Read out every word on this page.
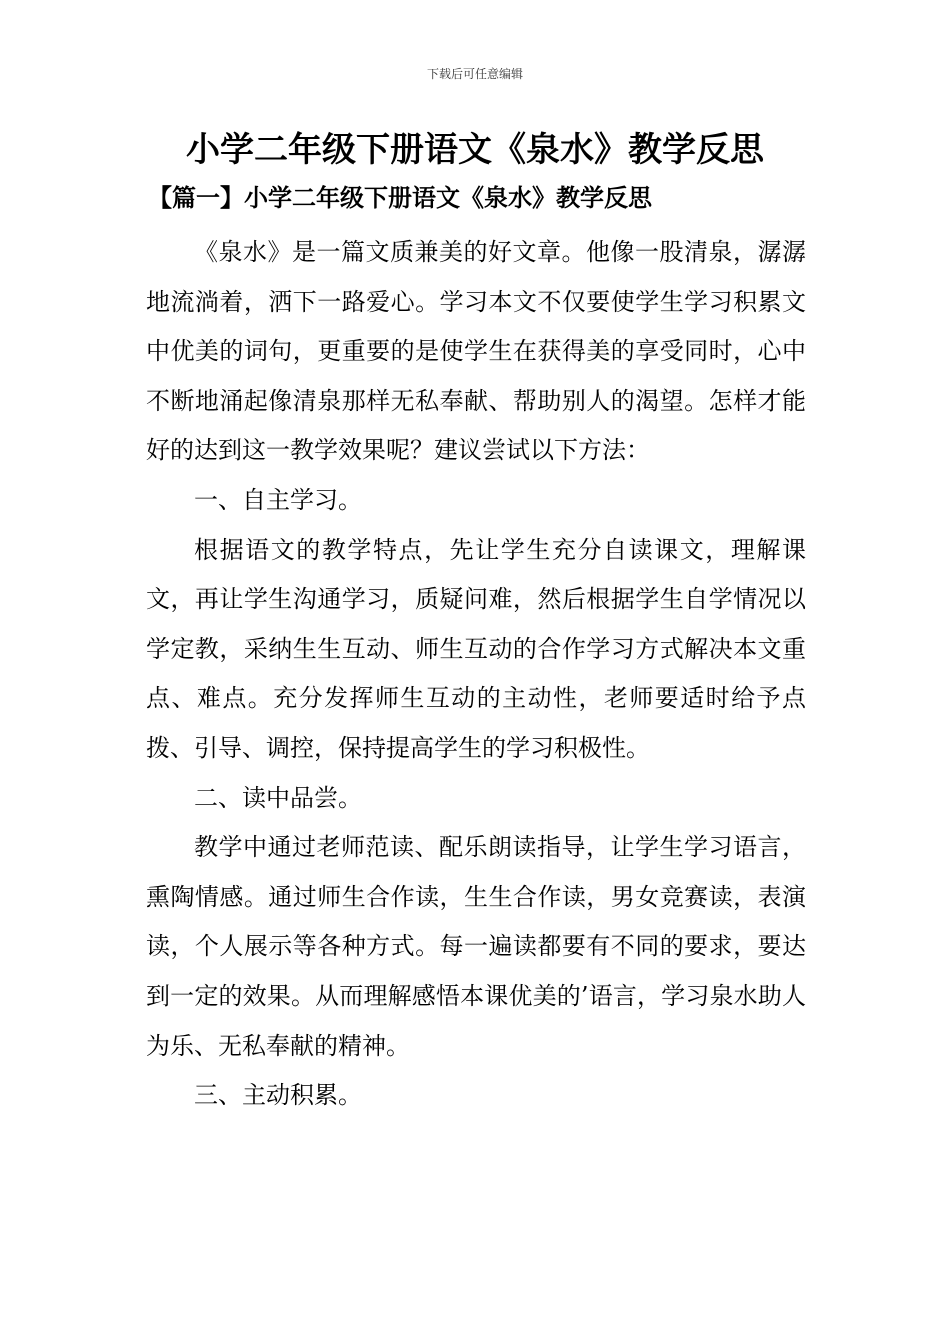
下载后可任意编辑
小学二年级下册语文《泉水》教学反思
【篇一】小学二年级下册语文《泉水》教学反思

《泉水》是一篇文质兼美的好文章。他像一股清泉，潺潺地流淌着，洒下一路爱心。学习本文不仅要使学生学习积累文中优美的词句，更重要的是使学生在获得美的享受同时，心中不断地涌起像清泉那样无私奉献、帮助别人的渴望。怎样才能好的达到这一教学效果呢？建议尝试以下方法：

一、自主学习。

根据语文的教学特点，先让学生充分自读课文，理解课文，再让学生沟通学习，质疑问难，然后根据学生自学情况以学定教，采纳生生互动、师生互动的合作学习方式解决本文重点、难点。充分发挥师生互动的主动性，老师要适时给予点拨、引导、调控，保持提高学生的学习积极性。

二、读中品尝。

教学中通过老师范读、配乐朗读指导，让学生学习语言，熏陶情感。通过师生合作读，生生合作读，男女竞赛读，表演读，个人展示等各种方式。每一遍读都要有不同的要求，要达到一定的效果。从而理解感悟本课优美的’语言，学习泉水助人为乐、无私奉献的精神。

三、主动积累。
